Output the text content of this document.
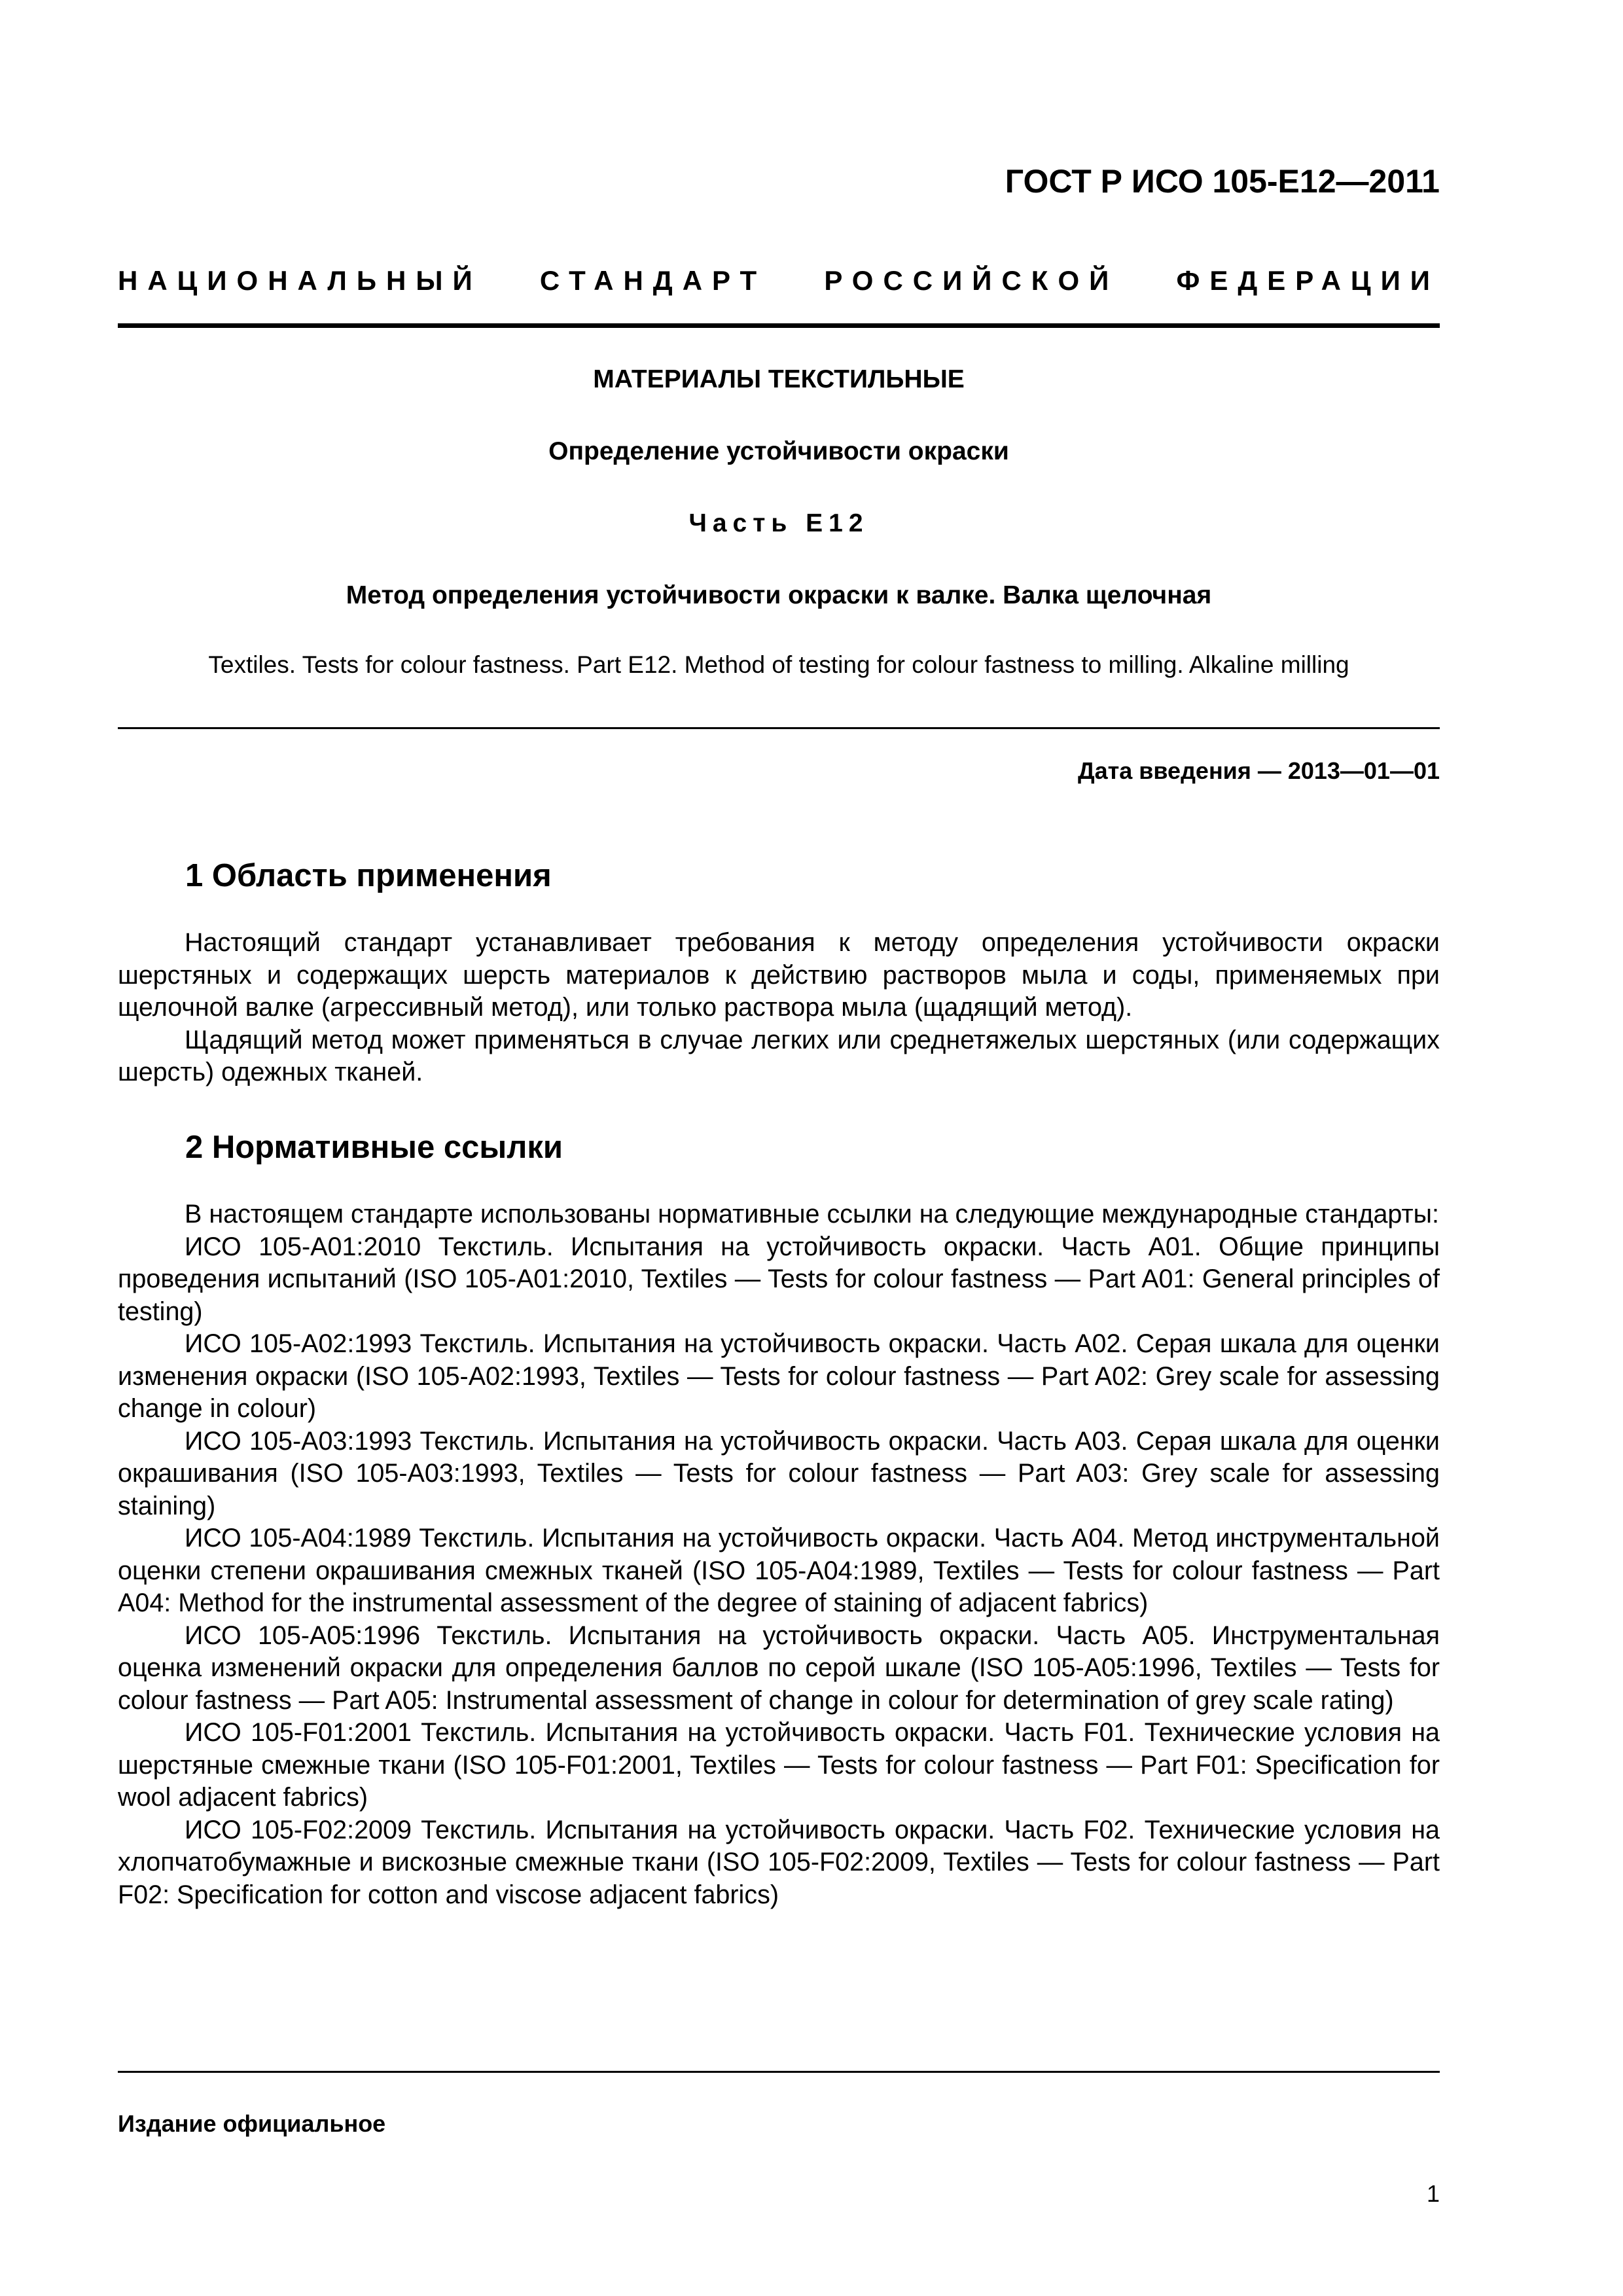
ГОСТ Р ИСО 105-Е12—2011
НАЦИОНАЛЬНЫЙ СТАНДАРТ РОССИЙСКОЙ ФЕДЕРАЦИИ
МАТЕРИАЛЫ ТЕКСТИЛЬНЫЕ
Определение устойчивости окраски
Часть Е12
Метод определения устойчивости окраски к валке. Валка щелочная
Textiles. Tests for colour fastness. Part E12. Method of testing for colour fastness to milling. Alkaline milling
Дата введения — 2013—01—01
1 Область применения

Настоящий стандарт устанавливает требования к методу определения устойчивости окраски шерстяных и содержащих шерсть материалов к действию растворов мыла и соды, применяемых при щелочной валке (агрессивный метод), или только раствора мыла (щадящий метод).

Щадящий метод может применяться в случае легких или среднетяжелых шерстяных (или содержащих шерсть) одежных тканей.

2 Нормативные ссылки

В настоящем стандарте использованы нормативные ссылки на следующие международные стандарты:

ИСО 105-А01:2010 Текстиль. Испытания на устойчивость окраски. Часть А01. Общие принципы проведения испытаний (ISO 105-A01:2010, Textiles — Tests for colour fastness — Part A01: General principles of testing)

ИСО 105-А02:1993 Текстиль. Испытания на устойчивость окраски. Часть А02. Серая шкала для оценки изменения окраски (ISO 105-A02:1993, Textiles — Tests for colour fastness — Part A02: Grey scale for assessing change in colour)

ИСО 105-А03:1993 Текстиль. Испытания на устойчивость окраски. Часть А03. Серая шкала для оценки окрашивания (ISO 105-A03:1993, Textiles — Tests for colour fastness — Part A03: Grey scale for assessing staining)

ИСО 105-А04:1989 Текстиль. Испытания на устойчивость окраски. Часть А04. Метод инструментальной оценки степени окрашивания смежных тканей (ISO 105-A04:1989, Textiles — Tests for colour fastness — Part A04: Method for the instrumental assessment of the degree of staining of adjacent fabrics)

ИСО 105-А05:1996 Текстиль. Испытания на устойчивость окраски. Часть А05. Инструментальная оценка изменений окраски для определения баллов по серой шкале (ISO 105-A05:1996, Textiles — Tests for colour fastness — Part A05: Instrumental assessment of change in colour for determination of grey scale rating)

ИСО 105-F01:2001 Текстиль. Испытания на устойчивость окраски. Часть F01. Технические условия на шерстяные смежные ткани (ISO 105-F01:2001, Textiles — Tests for colour fastness — Part F01: Specification for wool adjacent fabrics)

ИСО 105-F02:2009 Текстиль. Испытания на устойчивость окраски. Часть F02. Технические условия на хлопчатобумажные и вискозные смежные ткани (ISO 105-F02:2009, Textiles — Tests for colour fastness — Part F02: Specification for cotton and viscose adjacent fabrics)

Издание официальное
1
